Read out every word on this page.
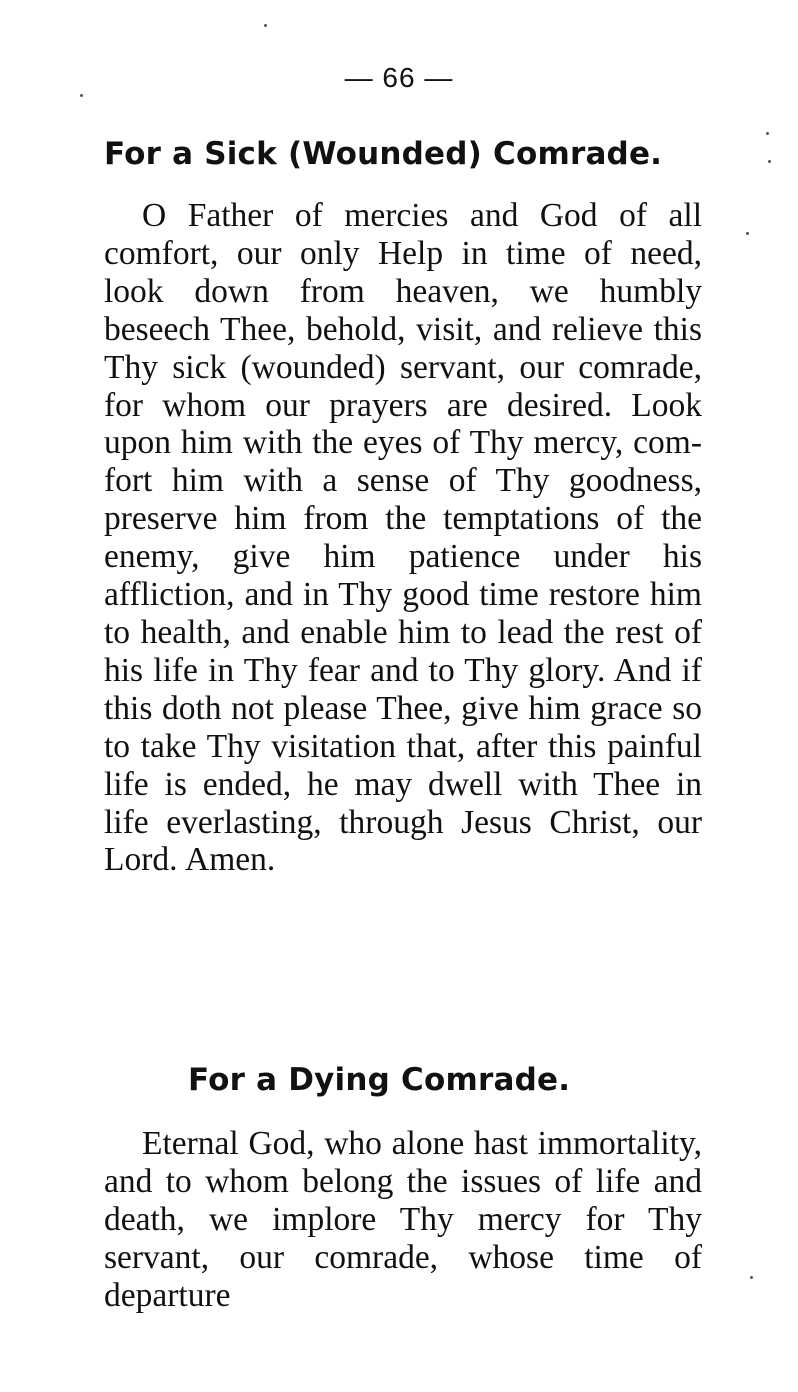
— 66 —
For a Sick (Wounded) Comrade.

O Father of mercies and God of all comfort, our only Help in time of need, look down from heaven, we humbly beseech Thee, behold, visit, and relieve this Thy sick (wounded) servant, our comrade, for whom our prayers are desired. Look upon him with the eyes of Thy mercy, comfort him with a sense of Thy goodness, preserve him from the temptations of the enemy, give him patience under his affliction, and in Thy good time restore him to health, and enable him to lead the rest of his life in Thy fear and to Thy glory. And if this doth not please Thee, give him grace so to take Thy visitation that, after this painful life is ended, he may dwell with Thee in life everlasting, through Jesus Christ, our Lord. Amen.

For a Dying Comrade.

Eternal God, who alone hast immortality, and to whom belong the issues of life and death, we implore Thy mercy for Thy servant, our comrade, whose time of departure
